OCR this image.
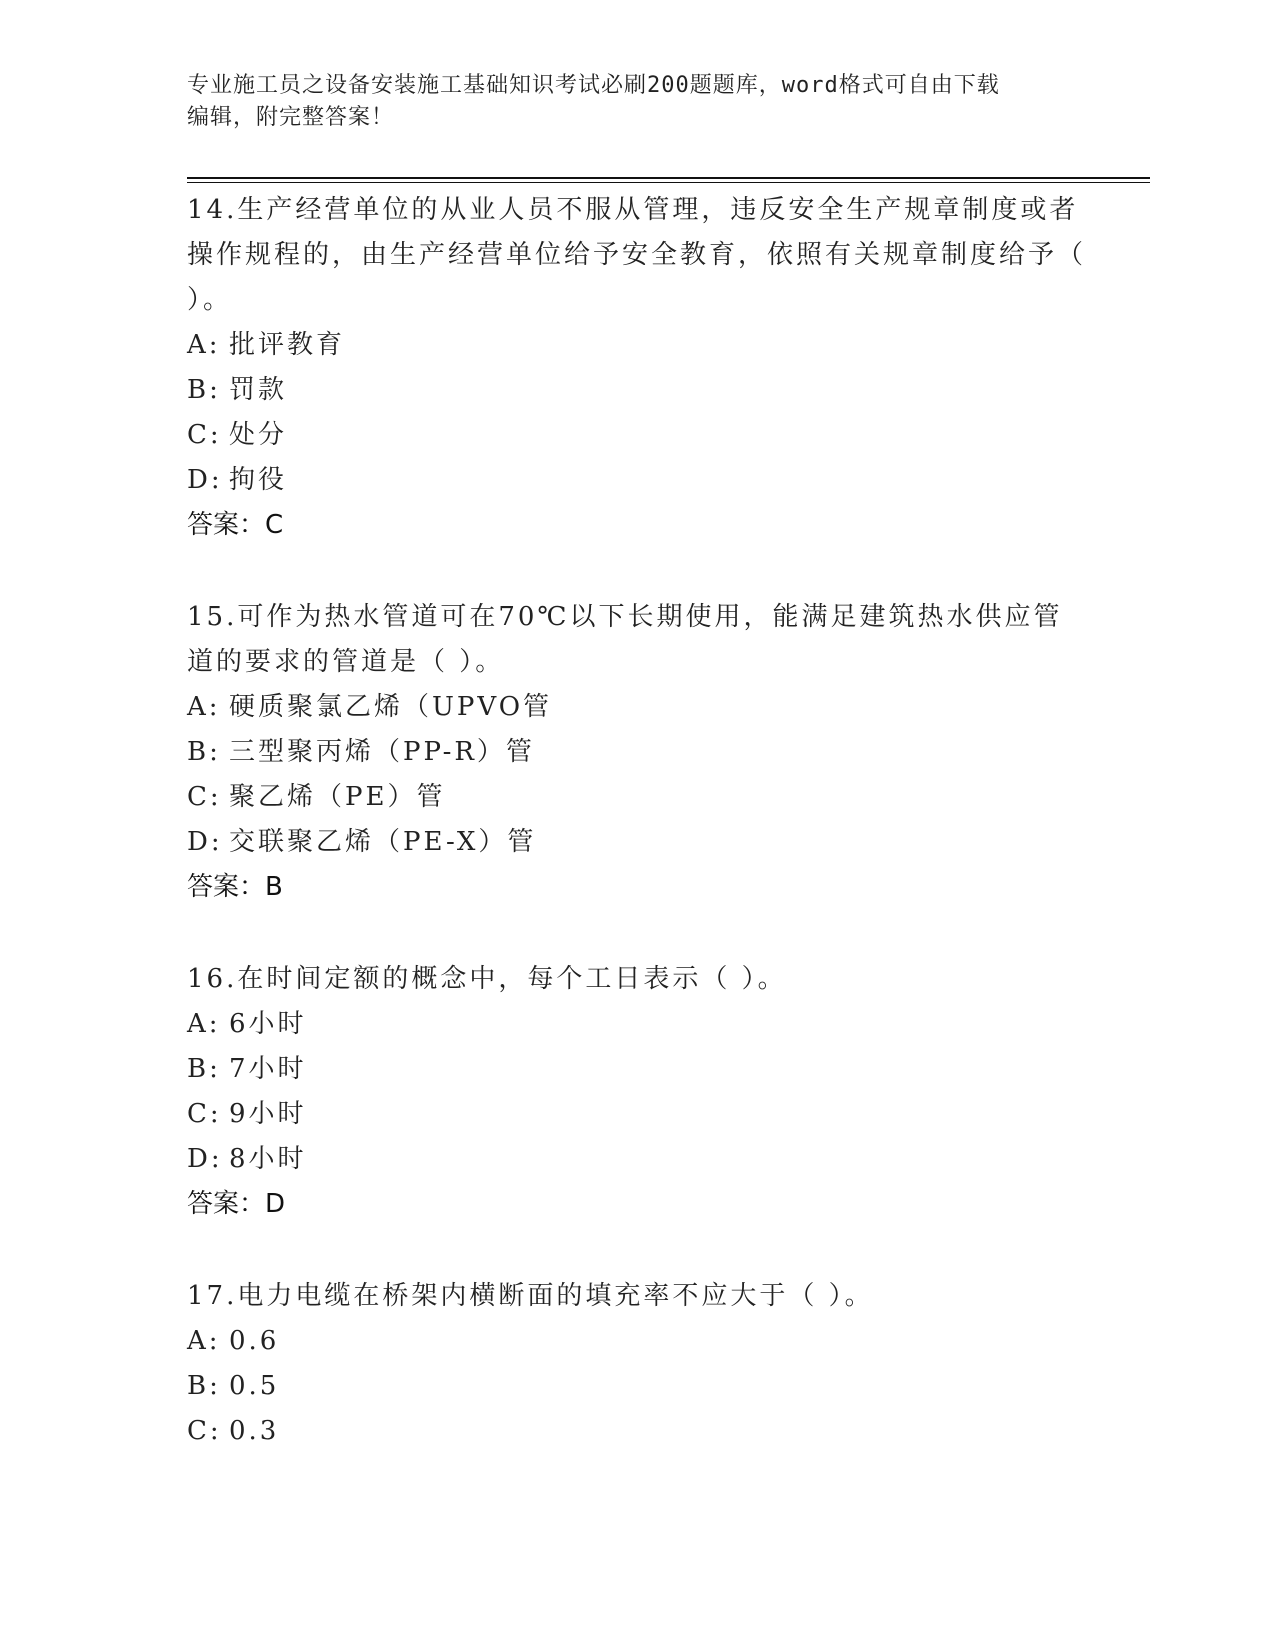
专业施工员之设备安装施工基础知识考试必刷200题题库，word格式可自由下载
编辑，附完整答案！

14.生产经营单位的从业人员不服从管理，违反安全生产规章制度或者操作规程的，由生产经营单位给予安全教育，依照有关规章制度给予（ ）。

A: 批评教育
B: 罚款
C: 处分
D: 拘役

答案：C

15.可作为热水管道可在70℃以下长期使用，能满足建筑热水供应管道的要求的管道是（ ）。

A: 硬质聚氯乙烯（UPVO管
B: 三型聚丙烯（PP-R）管
C: 聚乙烯（PE）管
D: 交联聚乙烯（PE-X）管

答案：B

16.在时间定额的概念中，每个工日表示（ ）。

A: 6小时
B: 7小时
C: 9小时
D: 8小时

答案：D

17.电力电缆在桥架内横断面的填充率不应大于（ ）。

A: 0.6
B: 0.5
C: 0.3
